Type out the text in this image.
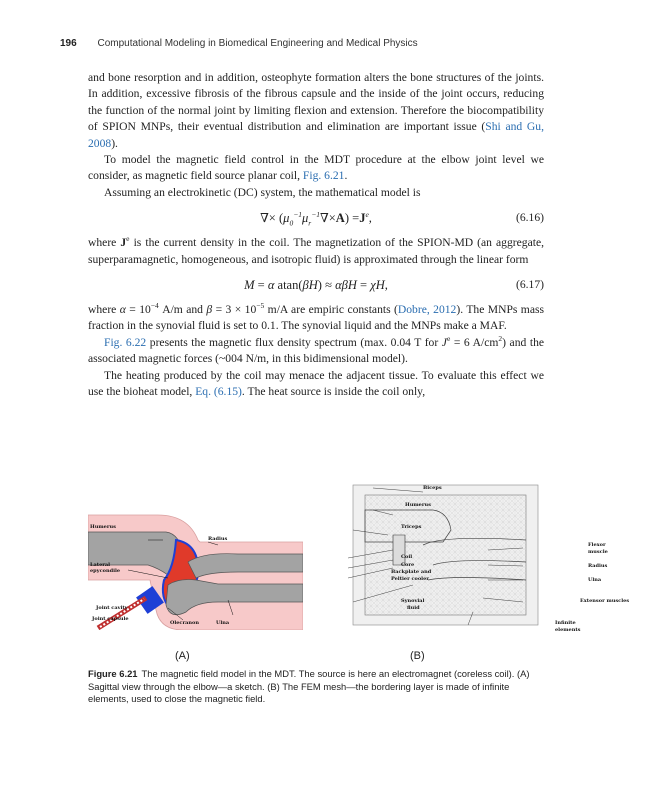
196 Computational Modeling in Biomedical Engineering and Medical Physics

and bone resorption and in addition, osteophyte formation alters the bone structures of the joints. In addition, excessive fibrosis of the fibrous capsule and the inside of the joint occurs, reducing the function of the normal joint by limiting flexion and extension. Therefore the biocompatibility of SPION MNPs, their eventual distribution and elimination are important issue (Shi and Gu, 2008).

To model the magnetic field control in the MDT procedure at the elbow joint level we consider, as magnetic field source planar coil, Fig. 6.21.

Assuming an electrokinetic (DC) system, the mathematical model is

∇× $(\mu_0^{-1}\mu_r^{-1}\nabla\times A) =J^e$,	(6.16)

where $J^e$ is the current density in the coil. The magnetization of the SPION-MD (an aggregate, superparamagnetic, homogeneous, and isotropic fluid) is approximated through the linear form

M = α atan(βH) ≈ αβH = χH,	(6.17)

where $\alpha = 10^{-4}$ A/m and $\beta = 3 \times 10^{-5}$ m/A are empiric constants (Dobre, 2012). The MNPs mass fraction in the synovial fluid is set to 0.1. The synovial liquid and the MNPs make a MAF.

Fig. 6.22 presents the magnetic flux density spectrum (max. 0.04 T for $J^e = 6$ $A/cm^2$) and the associated magnetic forces (~004 N/m, in this bidimensional model).

The heating produced by the coil may menace the adjacent tissue. To evaluate this effect we use the bioheat model, Eq. (6.15). The heat source is inside the coil only,

Humerus
Radius
Lateral epycondile
Joint cavity
Joint capsule
Olecranon	Ulna
Biceps
Humerus
Triceps
Coil
Core
Backplate and
Peltier cooler
Synovial
fluid
Flexor
muscle
Radius
Ulna
Extensor muscles
Infinite
elements
(A)	(B)
Figure 6.21 The magnetic field model in the MDT. The source is here an electromagnet (coreless coil). (A) Sagittal view through the elbow—a sketch. (B) The FEM mesh—the bordering layer is made of infinite elements, used to close the magnetic field.
